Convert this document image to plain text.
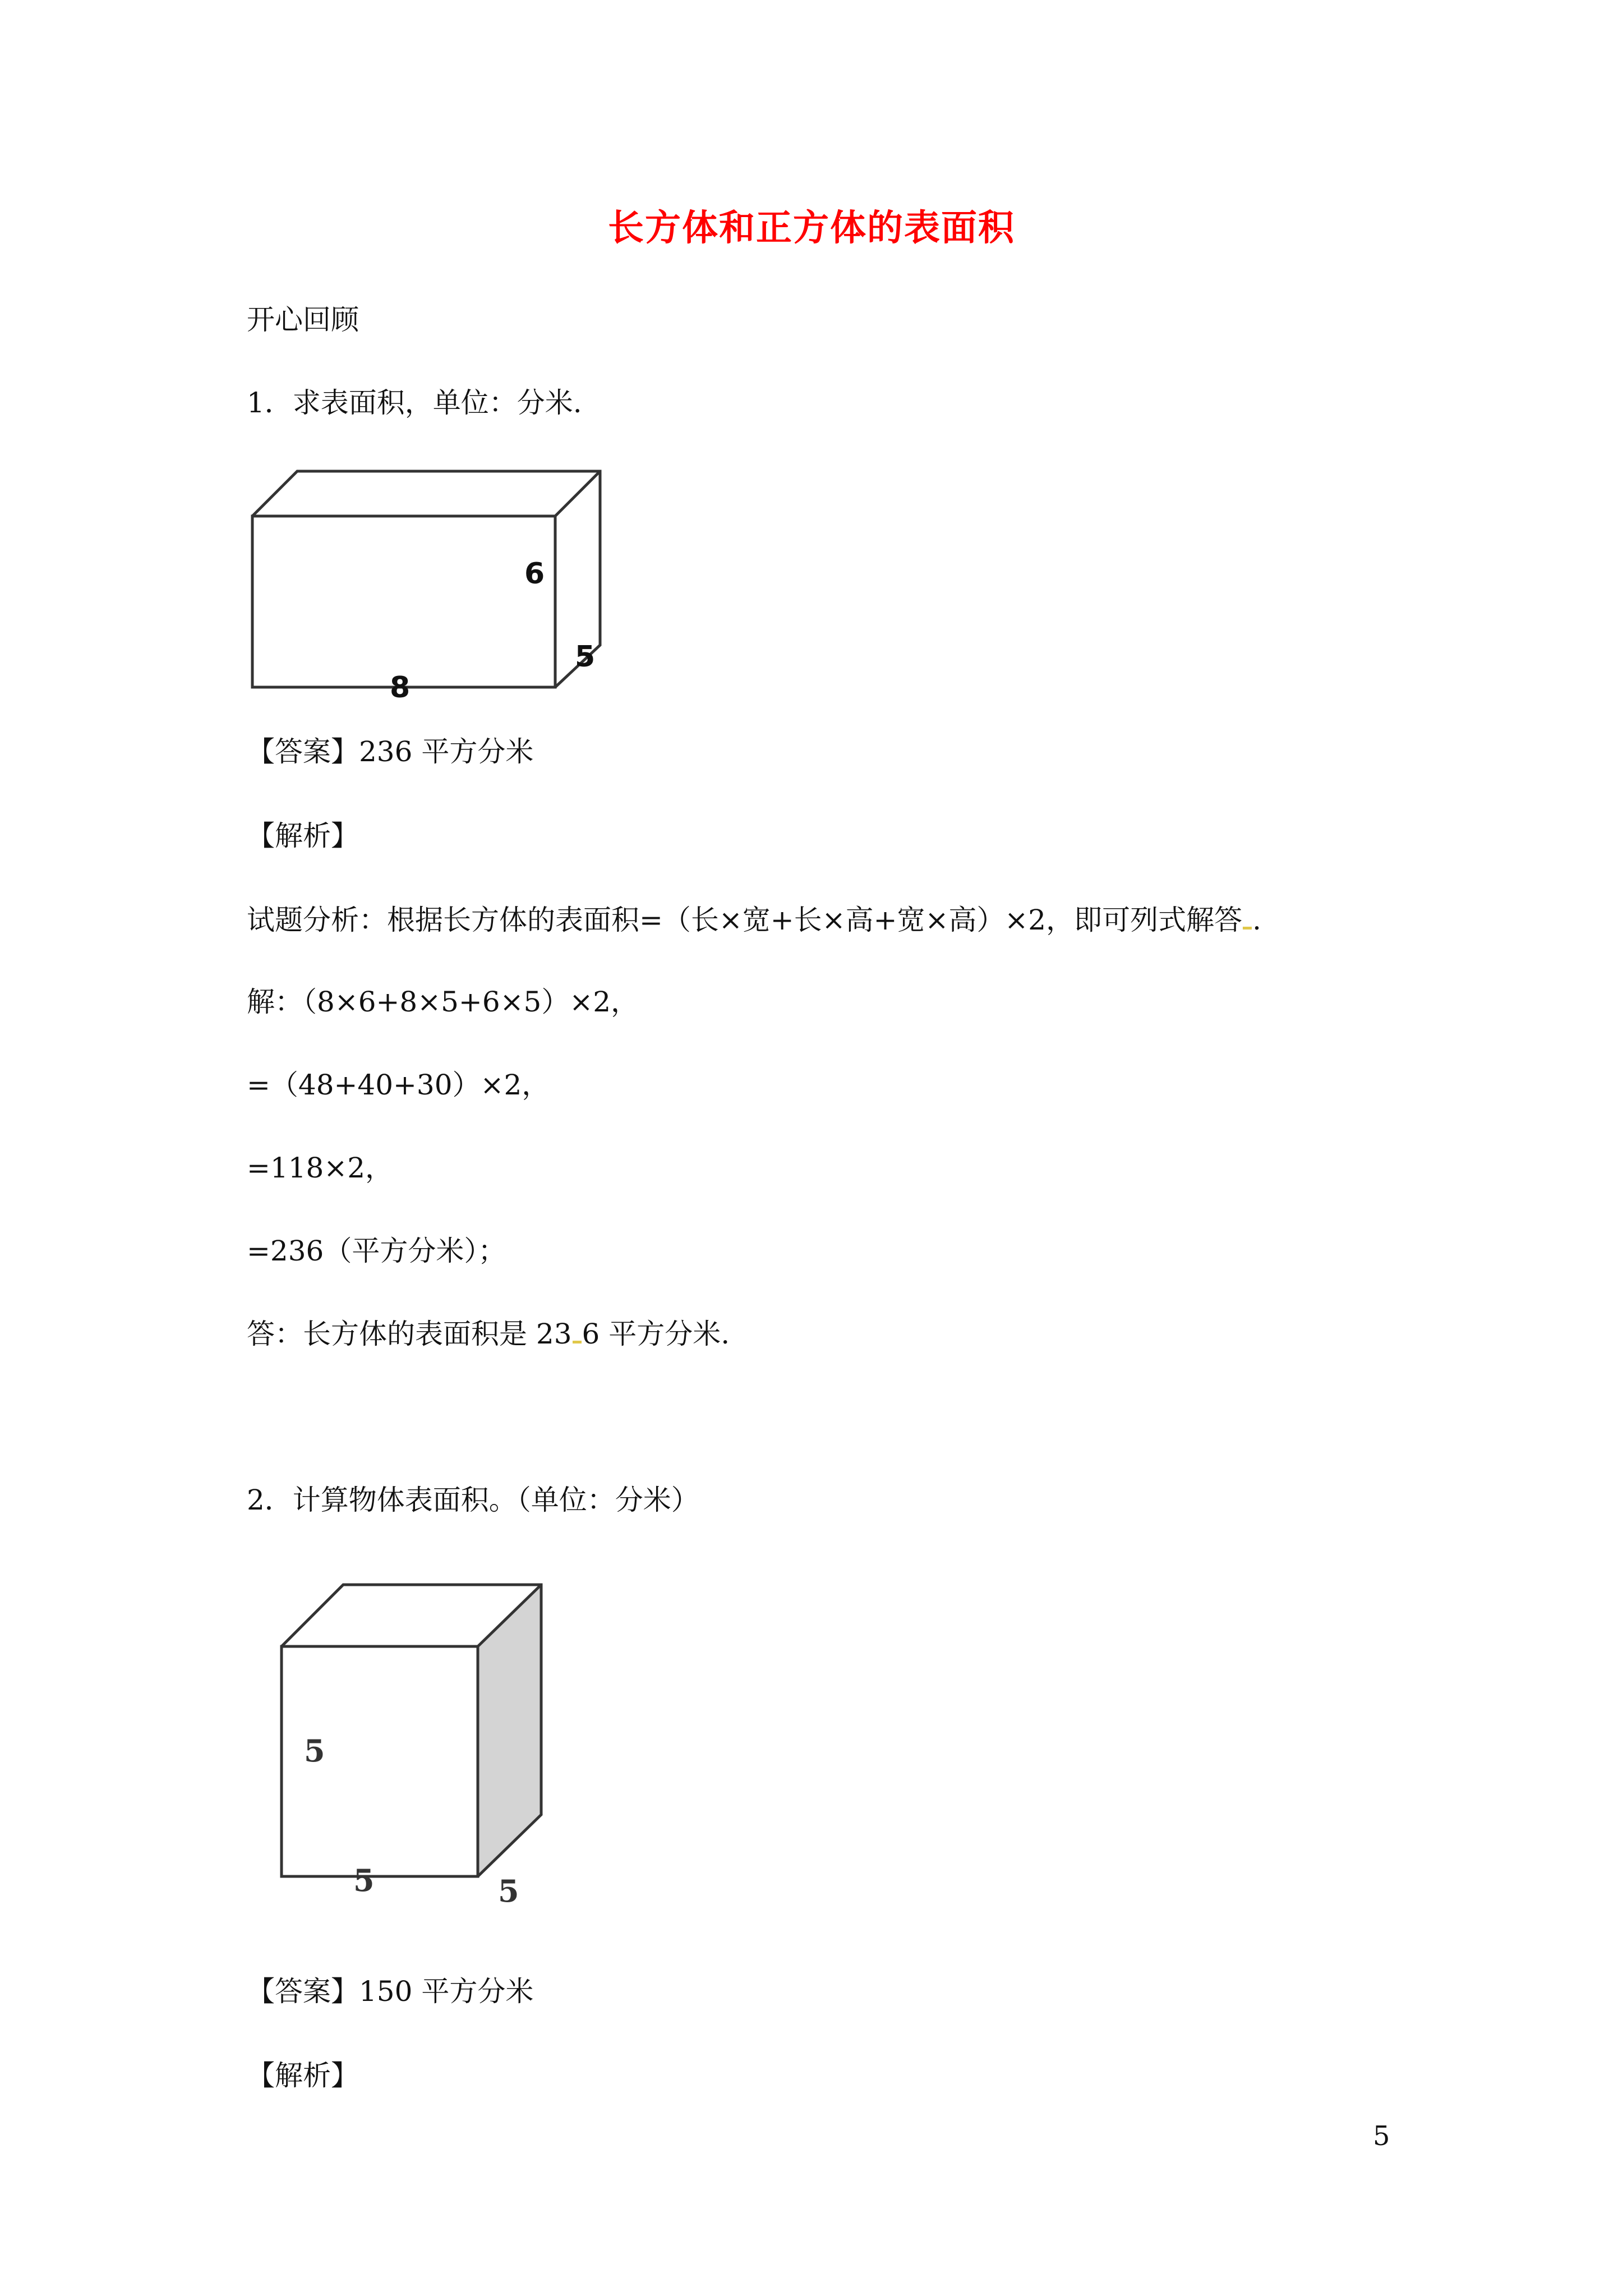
长方体和正方体的表面积
开心回顾
1．求表面积，单位：分米.
6
5
8
【答案】236 平方分米
【解析】
试题分析：根据长方体的表面积=（长×宽+长×高+宽×高）×2，即可列式解答 .
解：（8×6+8×5+6×5）×2，
=（48+40+30）×2，
=118×2，
=236（平方分米）；
答：长方体的表面积是 23 6 平方分米.
2．计算物体表面积。（单位：分米）
5
5
5
【答案】150 平方分米
【解析】
5
